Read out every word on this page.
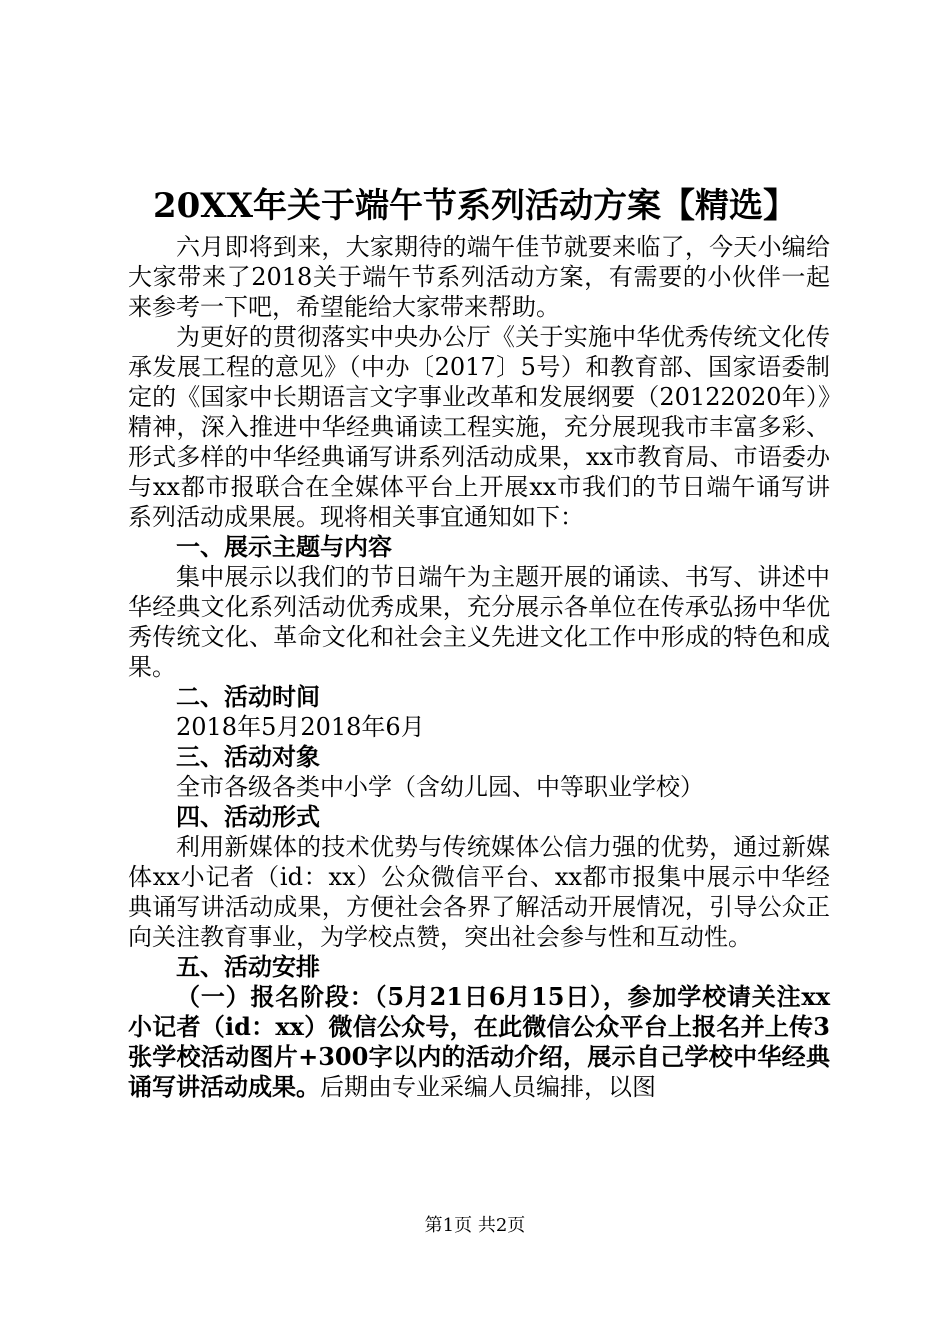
20XX年关于端午节系列活动方案【精选】

六月即将到来，大家期待的端午佳节就要来临了，今天小编给大家带来了2018关于端午节系列活动方案，有需要的小伙伴一起来参考一下吧，希望能给大家带来帮助。

为更好的贯彻落实中央办公厅《关于实施中华优秀传统文化传承发展工程的意见》（中办〔2017〕5号）和教育部、国家语委制定的《国家中长期语言文字事业改革和发展纲要（20122020年）》精神，深入推进中华经典诵读工程实施，充分展现我市丰富多彩、形式多样的中华经典诵写讲系列活动成果，xx市教育局、市语委办与xx都市报联合在全媒体平台上开展xx市我们的节日端午诵写讲系列活动成果展。现将相关事宜通知如下：

一、展示主题与内容

集中展示以我们的节日端午为主题开展的诵读、书写、讲述中华经典文化系列活动优秀成果，充分展示各单位在传承弘扬中华优秀传统文化、革命文化和社会主义先进文化工作中形成的特色和成果。

二、活动时间

2018年5月2018年6月

三、活动对象

全市各级各类中小学（含幼儿园、中等职业学校）

四、活动形式

利用新媒体的技术优势与传统媒体公信力强的优势，通过新媒体xx小记者（id：xx）公众微信平台、xx都市报集中展示中华经典诵写讲活动成果，方便社会各界了解活动开展情况，引导公众正向关注教育事业，为学校点赞，突出社会参与性和互动性。

五、活动安排

（一）报名阶段：（5月21日6月15日），参加学校请关注xx小记者（id：xx）微信公众号，在此微信公众平台上报名并上传3张学校活动图片+300字以内的活动介绍，展示自己学校中华经典诵写讲活动成果。后期由专业采编人员编排，以图

第1页 共2页
